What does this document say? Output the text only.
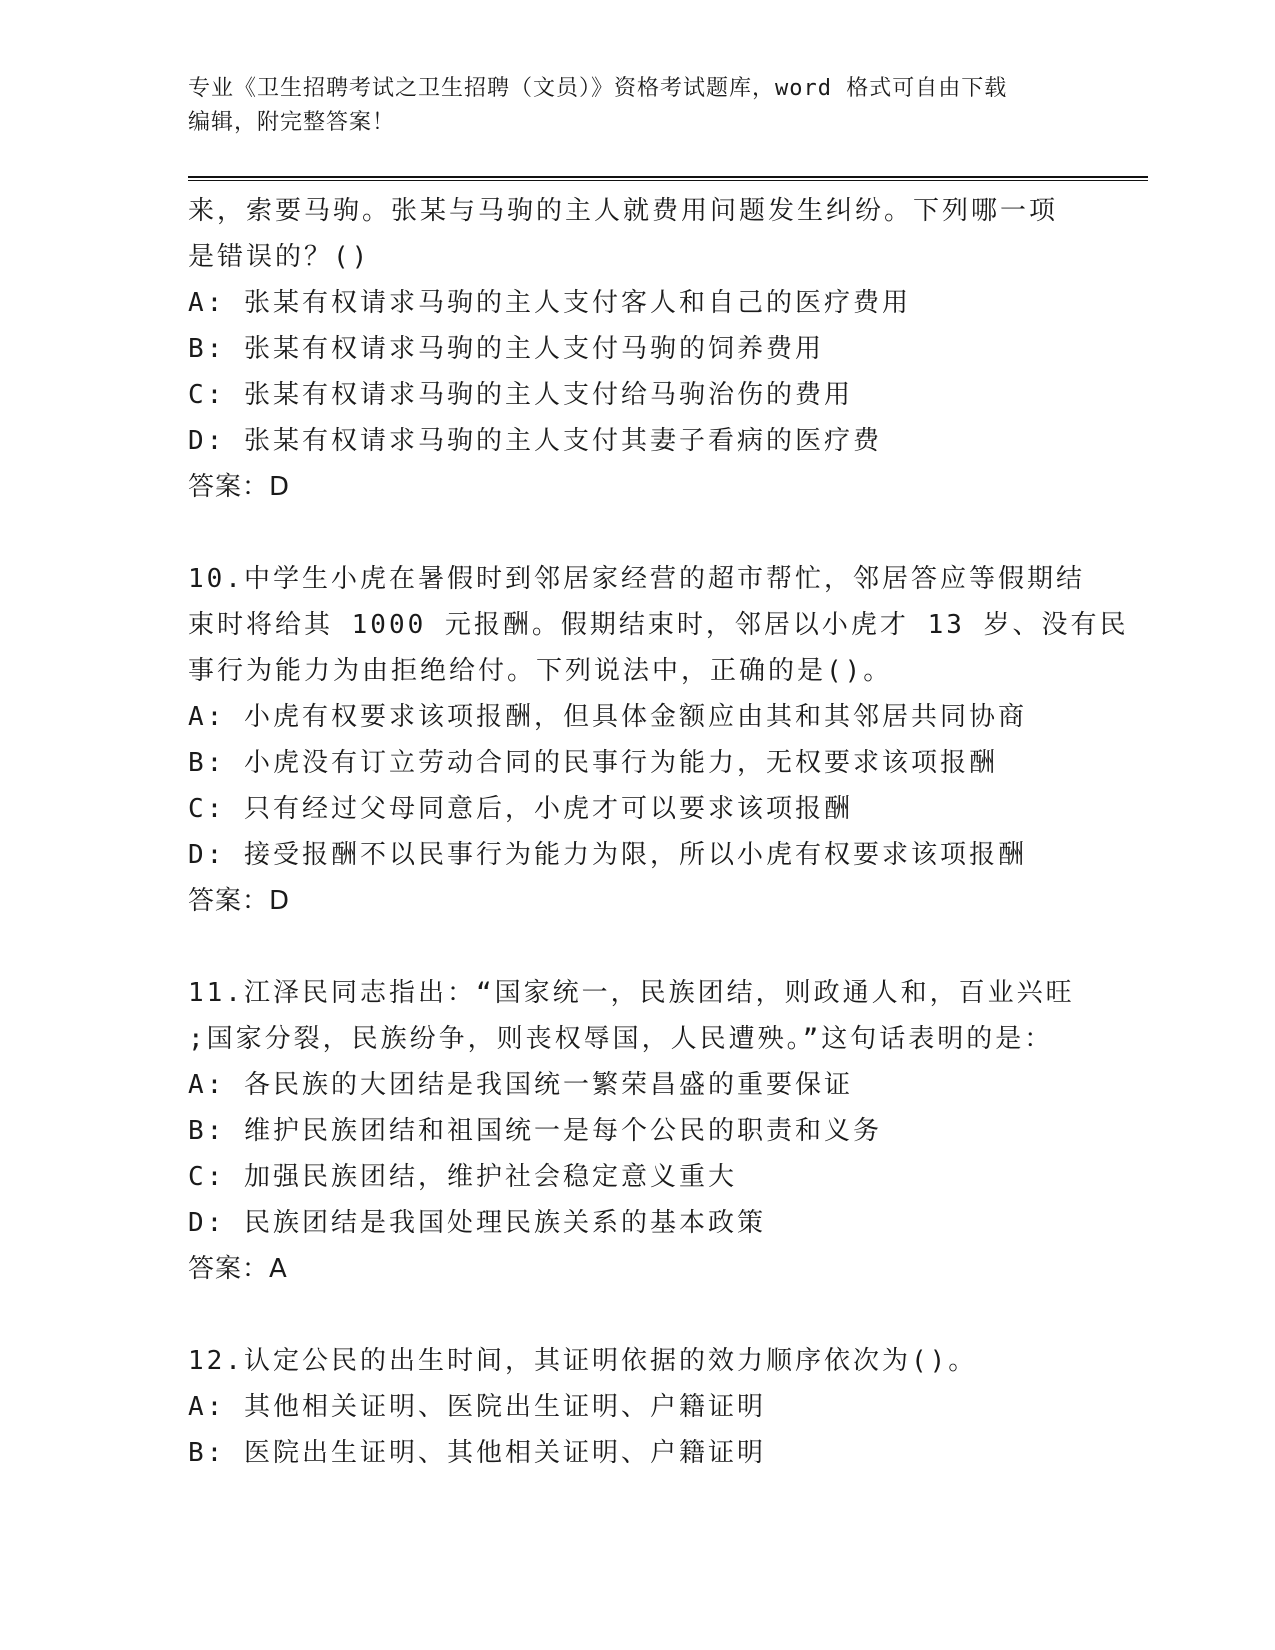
专业《卫生招聘考试之卫生招聘（文员）》资格考试题库，word 格式可自由下载
编辑，附完整答案！
来，索要马驹。张某与马驹的主人就费用问题发生纠纷。下列哪一项
是错误的？()
A: 张某有权请求马驹的主人支付客人和自己的医疗费用
B: 张某有权请求马驹的主人支付马驹的饲养费用
C: 张某有权请求马驹的主人支付给马驹治伤的费用
D: 张某有权请求马驹的主人支付其妻子看病的医疗费
答案：D
10.中学生小虎在暑假时到邻居家经营的超市帮忙，邻居答应等假期结
束时将给其 1000 元报酬。假期结束时，邻居以小虎才 13 岁、没有民
事行为能力为由拒绝给付。下列说法中，正确的是()。
A: 小虎有权要求该项报酬，但具体金额应由其和其邻居共同协商
B: 小虎没有订立劳动合同的民事行为能力，无权要求该项报酬
C: 只有经过父母同意后，小虎才可以要求该项报酬
D: 接受报酬不以民事行为能力为限，所以小虎有权要求该项报酬
答案：D
11.江泽民同志指出：“国家统一，民族团结，则政通人和，百业兴旺
;国家分裂，民族纷争，则丧权辱国，人民遭殃。”这句话表明的是：
A: 各民族的大团结是我国统一繁荣昌盛的重要保证
B: 维护民族团结和祖国统一是每个公民的职责和义务
C: 加强民族团结，维护社会稳定意义重大
D: 民族团结是我国处理民族关系的基本政策
答案：A
12.认定公民的出生时间，其证明依据的效力顺序依次为()。
A: 其他相关证明、医院出生证明、户籍证明
B: 医院出生证明、其他相关证明、户籍证明
